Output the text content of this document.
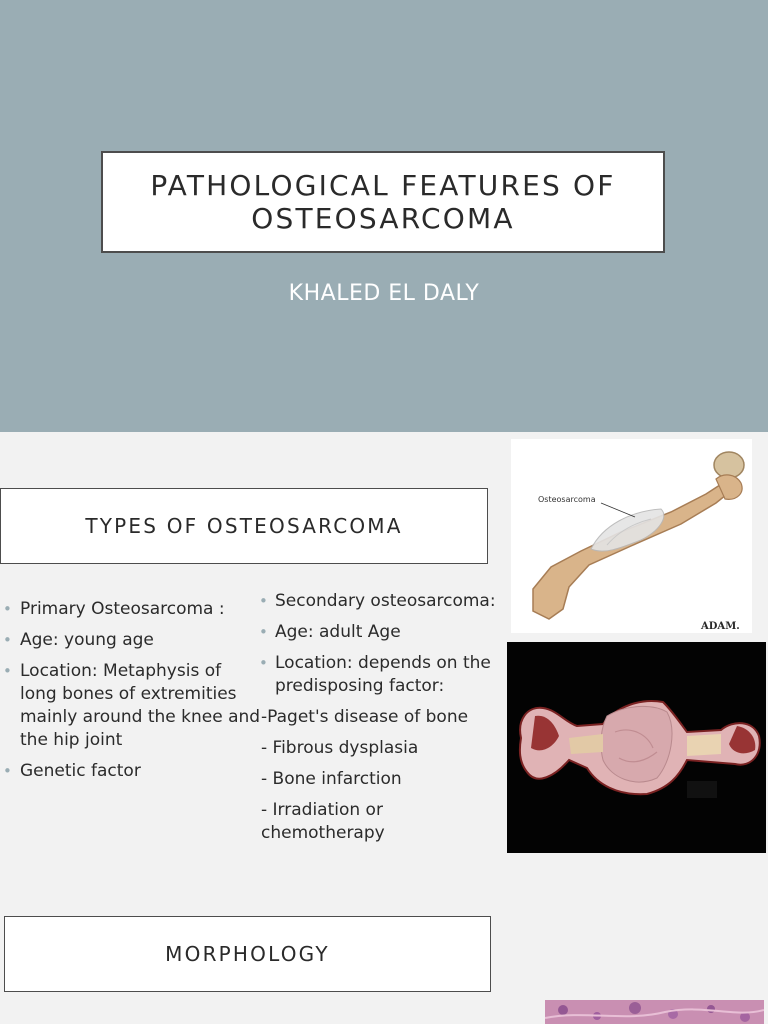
PATHOLOGICAL FEATURES OF OSTEOSARCOMA
KHALED EL DALY
TYPES OF OSTEOSARCOMA
• Primary Osteosarcoma :
• Age: young age
• Location: Metaphysis of long bones of extremities mainly around the knee and the hip joint
• Genetic factor
• Secondary osteosarcoma:
• Age: adult Age
• Location: depends on the predisposing factor:
-Paget's disease of bone
- Fibrous dysplasia
- Bone infarction
- Irradiation or chemotherapy
Osteosarcoma
ADAM.
MORPHOLOGY
